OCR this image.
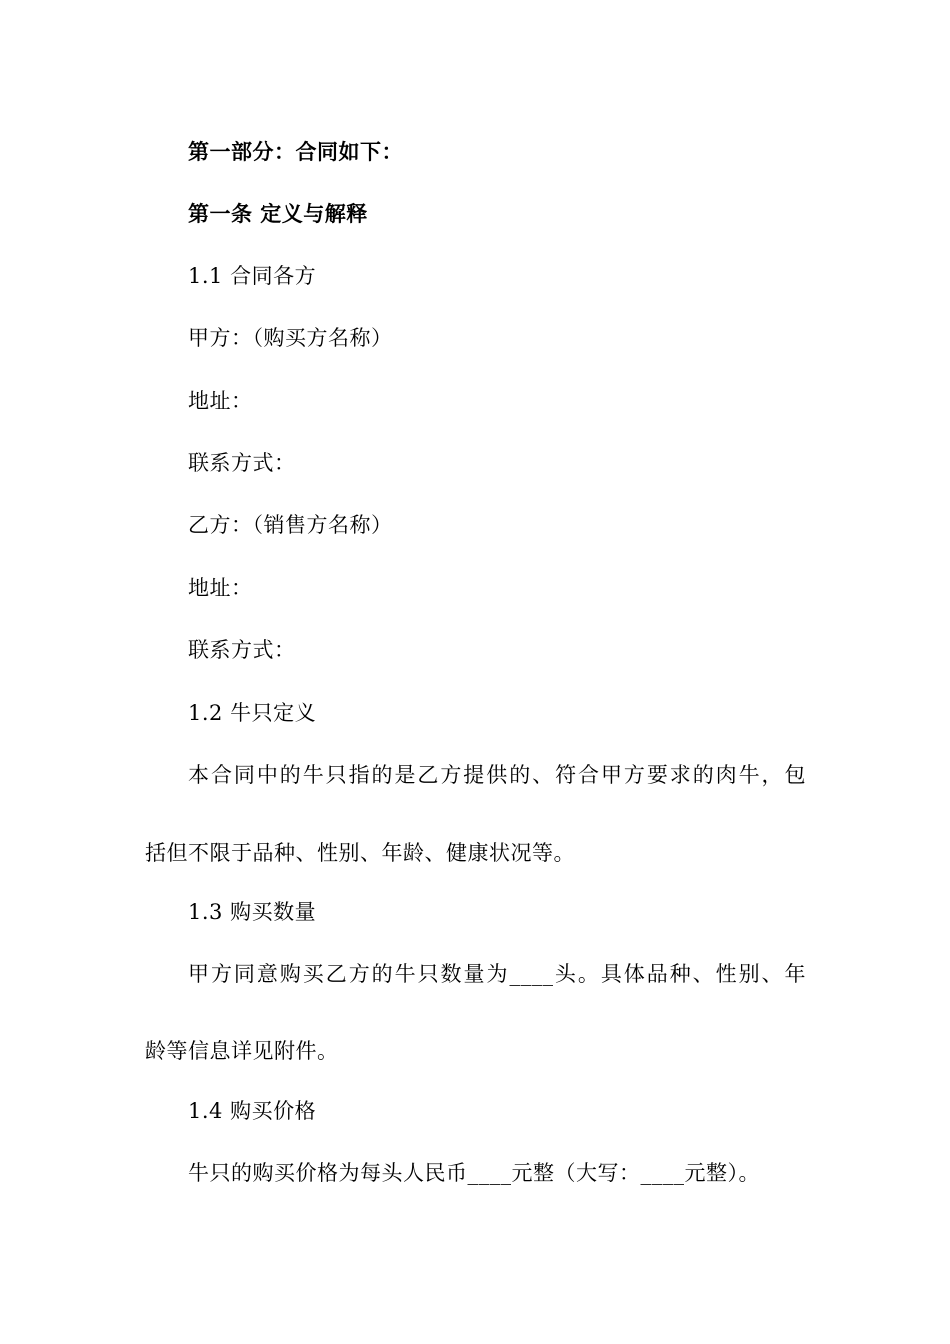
第一部分：合同如下：
第一条 定义与解释
1.1 合同各方
甲方：（购买方名称）
地址：
联系方式：
乙方：（销售方名称）
地址：
联系方式：
1.2 牛只定义
本合同中的牛只指的是乙方提供的、符合甲方要求的肉牛，包
括但不限于品种、性别、年龄、健康状况等。
1.3 购买数量
甲方同意购买乙方的牛只数量为____头。具体品种、性别、年
龄等信息详见附件。
1.4 购买价格
牛只的购买价格为每头人民币____元整（大写：____元整）。
